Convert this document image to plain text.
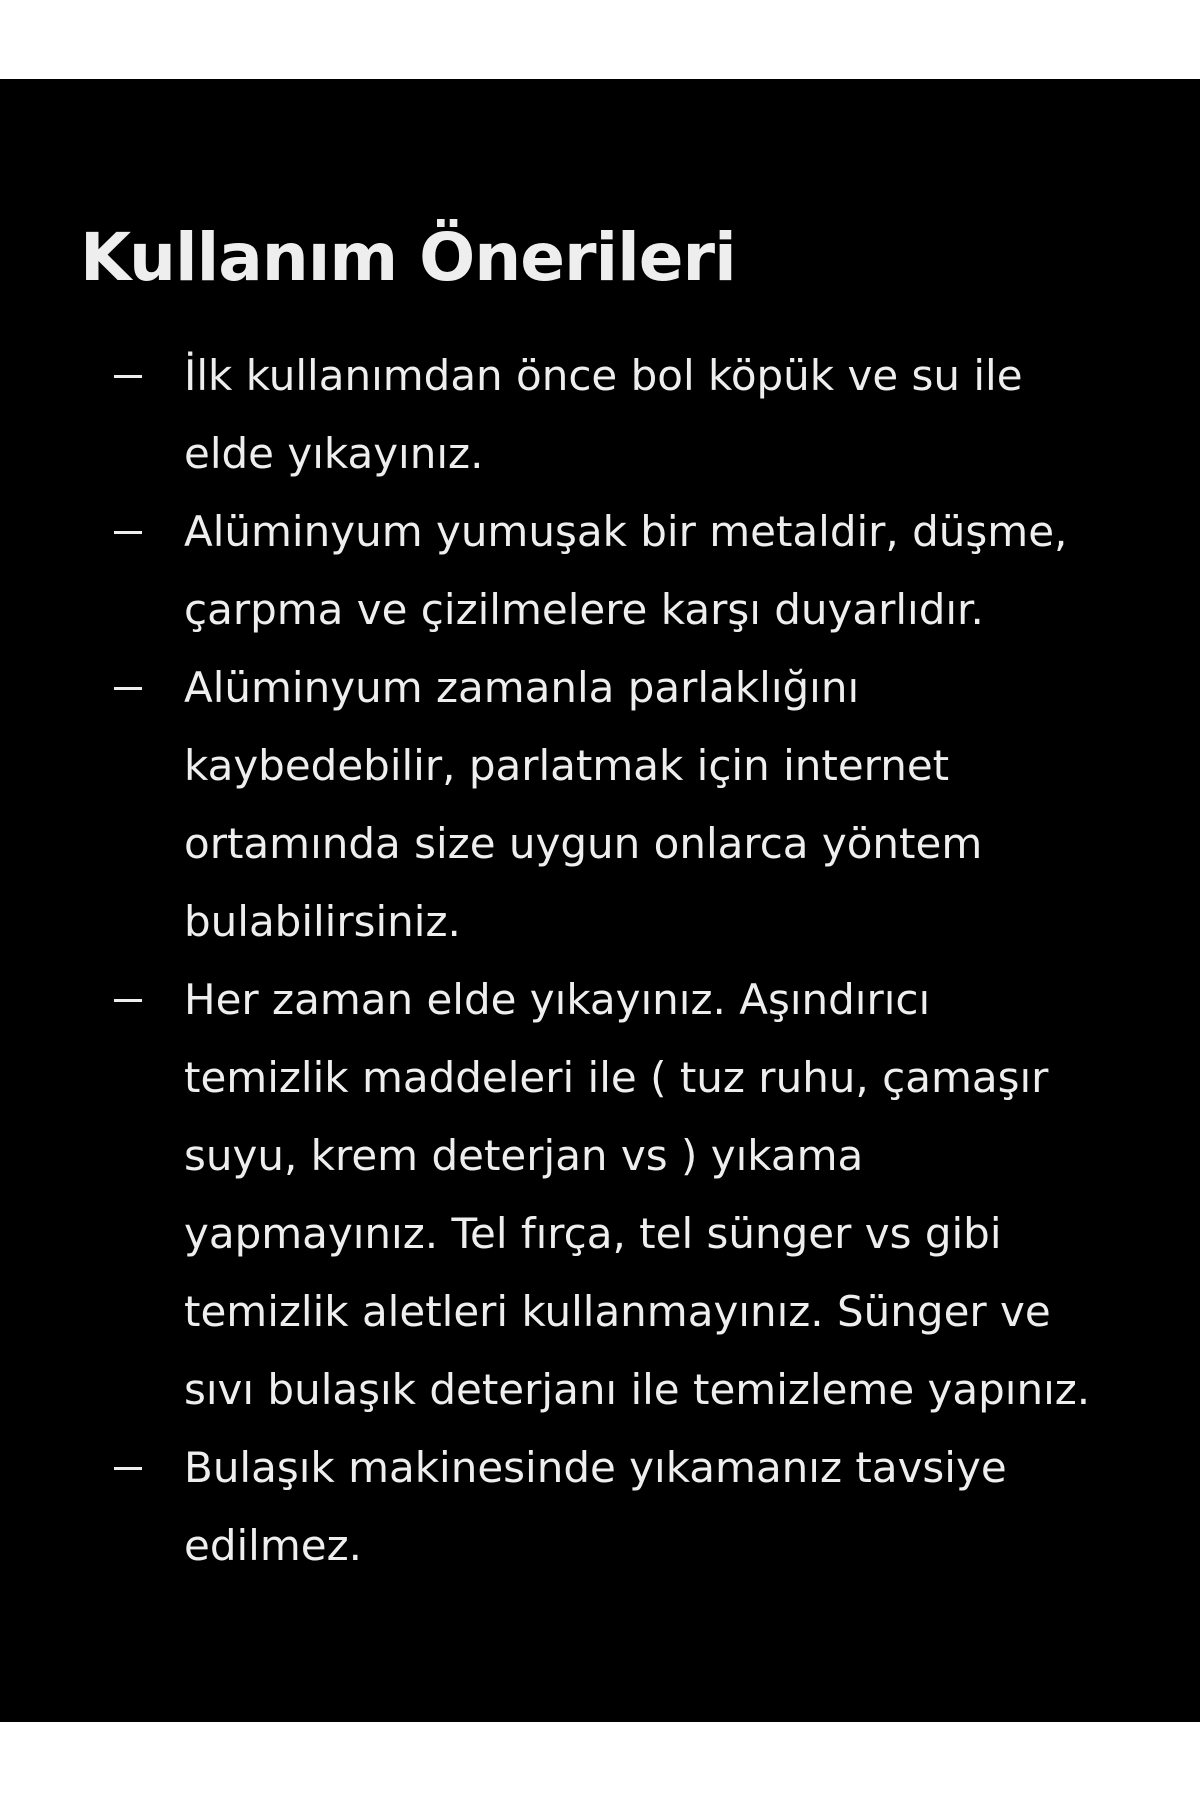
Kullanım Önerileri
İlk kullanımdan önce bol köpük ve su ile
elde yıkayınız.
Alüminyum yumuşak bir metaldir, düşme,
çarpma ve çizilmelere karşı duyarlıdır.
Alüminyum zamanla parlaklığını
kaybedebilir, parlatmak için internet
ortamında size uygun onlarca yöntem
bulabilirsiniz.
Her zaman elde yıkayınız. Aşındırıcı
temizlik maddeleri ile ( tuz ruhu, çamaşır
suyu, krem deterjan vs ) yıkama
yapmayınız. Tel fırça, tel sünger vs gibi
temizlik aletleri kullanmayınız. Sünger ve
sıvı bulaşık deterjanı ile temizleme yapınız.
Bulaşık makinesinde yıkamanız tavsiye
edilmez.
